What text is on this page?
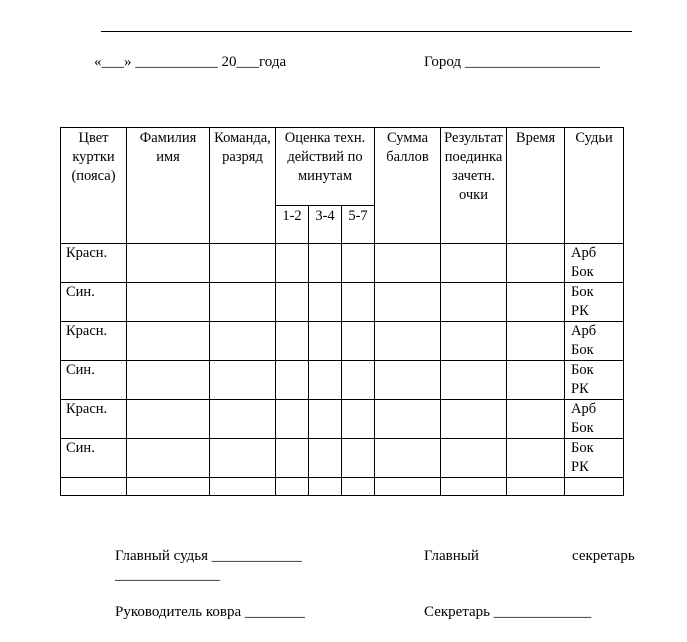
«___» ___________ 20___года	Город __________________
Цвет куртки (пояса)	Фамилия имя	Команда, разряд	Оценка техн. действий по минутам			Сумма баллов	Результат поединка зачетн. очки	Время	Судьи
			1-2	3-4	5-7				
Красн.									Арб
Бок

Син.									Бок
РК

Красн.									Арб
Бок

Син.									Бок
РК

Красн.									Арб
Бок

Син.									Бок
РК

Главный судья ____________	Главный	секретарь
______________
Руководитель ковра ________	Секретарь _____________
